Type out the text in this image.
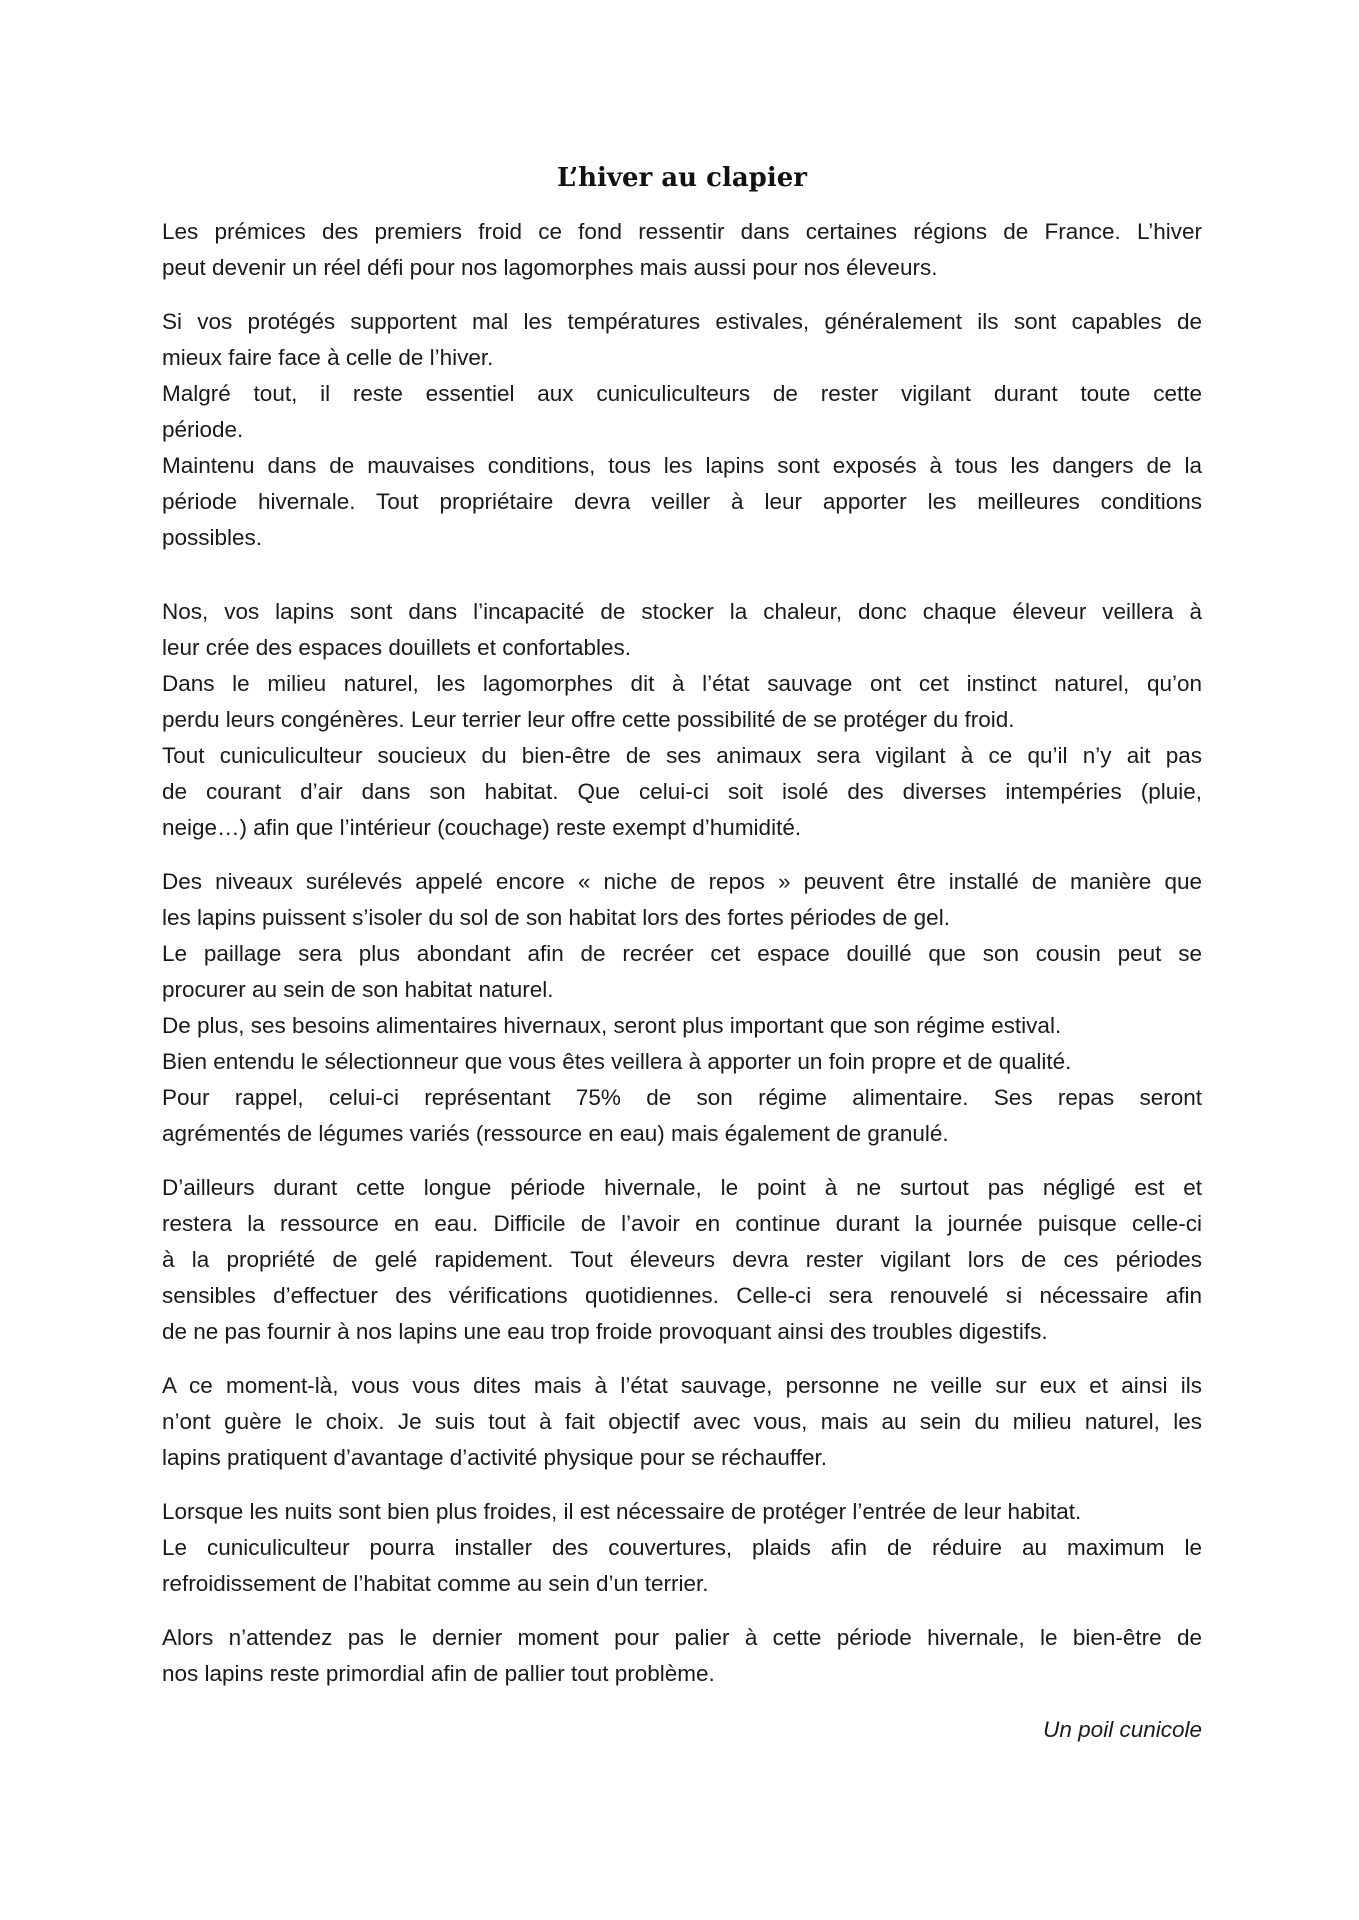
L’hiver au clapier
Les prémices des premiers froid ce fond ressentir dans certaines régions de France. L’hiver
peut devenir un réel défi pour nos lagomorphes mais aussi pour nos éleveurs.
Si vos protégés supportent mal les températures estivales, généralement ils sont capables de
mieux faire face à celle de l’hiver.
Malgré tout, il reste essentiel aux cuniculiculteurs de rester vigilant durant toute cette
période.
Maintenu dans de mauvaises conditions, tous les lapins sont exposés à tous les dangers de la
période hivernale. Tout propriétaire devra veiller à leur apporter les meilleures conditions
possibles.
Nos, vos lapins sont dans l’incapacité de stocker la chaleur, donc chaque éleveur veillera à
leur crée des espaces douillets et confortables.
Dans le milieu naturel, les lagomorphes dit à l’état sauvage ont cet instinct naturel, qu’on
perdu leurs congénères. Leur terrier leur offre cette possibilité de se protéger du froid.
Tout cuniculiculteur soucieux du bien-être de ses animaux sera vigilant à ce qu’il n’y ait pas
de courant d’air dans son habitat. Que celui-ci soit isolé des diverses intempéries (pluie,
neige…) afin que l’intérieur (couchage) reste exempt d’humidité.
Des niveaux surélevés appelé encore « niche de repos » peuvent être installé de manière que
les lapins puissent s’isoler du sol de son habitat lors des fortes périodes de gel.
Le paillage sera plus abondant afin de recréer cet espace douillé que son cousin peut se
procurer au sein de son habitat naturel.
De plus, ses besoins alimentaires hivernaux, seront plus important que son régime estival.
Bien entendu le sélectionneur que vous êtes veillera à apporter un foin propre et de qualité.
Pour rappel, celui-ci représentant 75% de son régime alimentaire. Ses repas seront
agrémentés de légumes variés (ressource en eau) mais également de granulé.
D’ailleurs durant cette longue période hivernale, le point à ne surtout pas négligé est et
restera la ressource en eau. Difficile de l’avoir en continue durant la journée puisque celle-ci
à la propriété de gelé rapidement. Tout éleveurs devra rester vigilant lors de ces périodes
sensibles d’effectuer des vérifications quotidiennes. Celle-ci sera renouvelé si nécessaire afin
de ne pas fournir à nos lapins une eau trop froide provoquant ainsi des troubles digestifs.
A ce moment-là, vous vous dites mais à l’état sauvage, personne ne veille sur eux et ainsi ils
n’ont guère le choix. Je suis tout à fait objectif avec vous, mais au sein du milieu naturel, les
lapins pratiquent d’avantage d’activité physique pour se réchauffer.
Lorsque les nuits sont bien plus froides, il est nécessaire de protéger l’entrée de leur habitat.
Le cuniculiculteur pourra installer des couvertures, plaids afin de réduire au maximum le
refroidissement de l’habitat comme au sein d’un terrier.
Alors n’attendez pas le dernier moment pour palier à cette période hivernale, le bien-être de
nos lapins reste primordial afin de pallier tout problème.
Un poil cunicole
